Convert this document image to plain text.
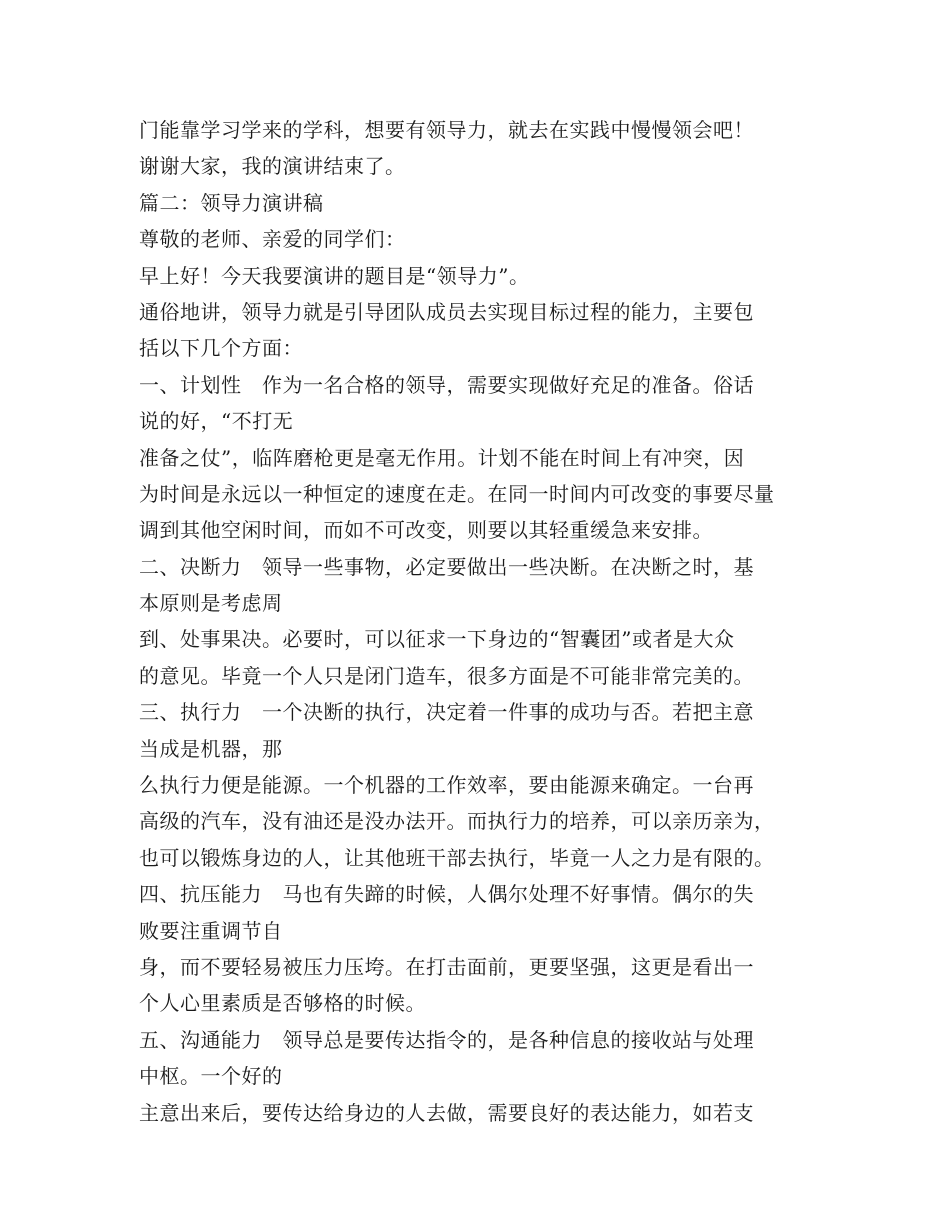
门能靠学习学来的学科，想要有领导力，就去在实践中慢慢领会吧！
谢谢大家，我的演讲结束了。
篇二：领导力演讲稿
尊敬的老师、亲爱的同学们：
早上好！今天我要演讲的题目是“领导力”。
通俗地讲，领导力就是引导团队成员去实现目标过程的能力，主要包
括以下几个方面：
一、计划性　作为一名合格的领导，需要实现做好充足的准备。俗话
说的好，“不打无
准备之仗”，临阵磨枪更是毫无作用。计划不能在时间上有冲突，因
为时间是永远以一种恒定的速度在走。在同一时间内可改变的事要尽量
调到其他空闲时间，而如不可改变，则要以其轻重缓急来安排。
二、决断力　领导一些事物，必定要做出一些决断。在决断之时，基
本原则是考虑周
到、处事果决。必要时，可以征求一下身边的“智囊团”或者是大众
的意见。毕竟一个人只是闭门造车，很多方面是不可能非常完美的。
三、执行力　一个决断的执行，决定着一件事的成功与否。若把主意
当成是机器，那
么执行力便是能源。一个机器的工作效率，要由能源来确定。一台再
高级的汽车，没有油还是没办法开。而执行力的培养，可以亲历亲为，
也可以锻炼身边的人，让其他班干部去执行，毕竟一人之力是有限的。
四、抗压能力　马也有失蹄的时候，人偶尔处理不好事情。偶尔的失
败要注重调节自
身，而不要轻易被压力压垮。在打击面前，更要坚强，这更是看出一
个人心里素质是否够格的时候。
五、沟通能力　领导总是要传达指令的，是各种信息的接收站与处理
中枢。一个好的
主意出来后，要传达给身边的人去做，需要良好的表达能力，如若支
